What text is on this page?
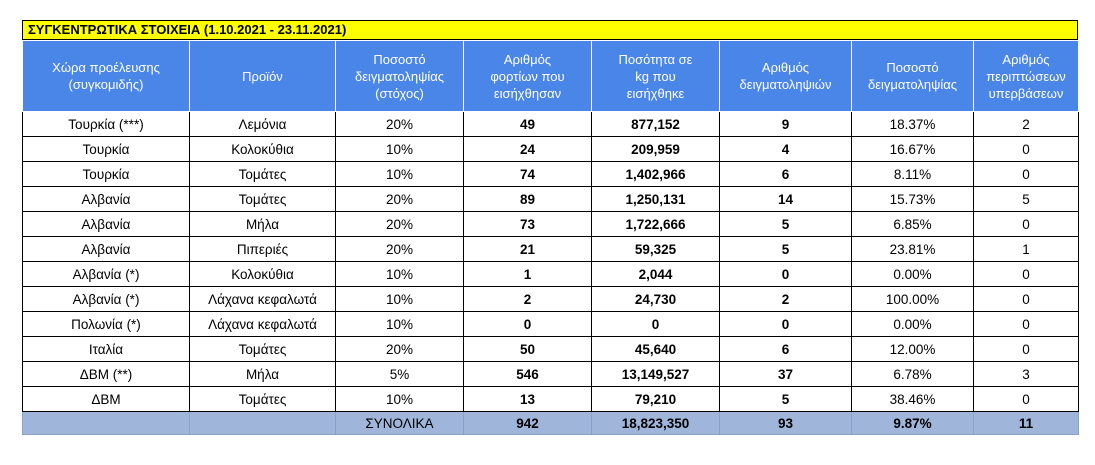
ΣΥΓΚΕΝΤΡΩΤΙΚΑ ΣΤΟΙΧΕΙΑ (1.10.2021 - 23.11.2021)
Χώρα προέλευσης
(συγκομιδής)	Προϊόν	Ποσοστό
δειγματοληψίας
(στόχος)	Αριθμός
φορτίων που
εισήχθησαν	Ποσότητα σε
kg που
εισήχθηκε	Αριθμός
δειγματοληψιών	Ποσοστό
δειγματοληψίας	Αριθμός
περιπτώσεων
υπερβάσεων
Τουρκία (***)	Λεμόνια	20%	49	877,152	9	18.37%	2
Τουρκία	Κολοκύθια	10%	24	209,959	4	16.67%	0
Τουρκία	Τομάτες	10%	74	1,402,966	6	8.11%	0
Αλβανία	Τομάτες	20%	89	1,250,131	14	15.73%	5
Αλβανία	Μήλα	20%	73	1,722,666	5	6.85%	0
Αλβανία	Πιπεριές	20%	21	59,325	5	23.81%	1
Αλβανία (*)	Κολοκύθια	10%	1	2,044	0	0.00%	0
Αλβανία (*)	Λάχανα κεφαλωτά	10%	2	24,730	2	100.00%	0
Πολωνία (*)	Λάχανα κεφαλωτά	10%	0	0	0	0.00%	0
Ιταλία	Τομάτες	20%	50	45,640	6	12.00%	0
ΔΒΜ (**)	Μήλα	5%	546	13,149,527	37	6.78%	3
ΔΒΜ	Τομάτες	10%	13	79,210	5	38.46%	0
		ΣΥΝΟΛΙΚΑ	942	18,823,350	93	9.87%	11
